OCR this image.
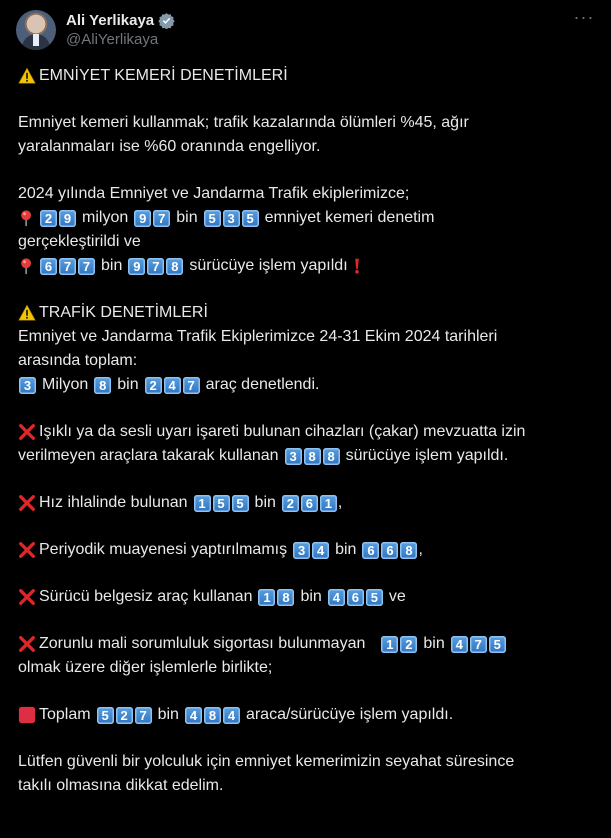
Ali Yerlikaya
@AliYerlikaya
···
EMNİYET KEMERİ DENETİMLERİ
Emniyet kemeri kullanmak; trafik kazalarında ölümleri %45, ağır
yaralanmaları ise %60 oranında engelliyor.
2024 yılında Emniyet ve Jandarma Trafik ekiplerimizce;
2 9 milyon 9 7 bin 5 3 5 emniyet kemeri denetim
gerçekleştirildi ve
6 7 7 bin 9 7 8 sürücüye işlem yapıldı
TRAFİK DENETİMLERİ
Emniyet ve Jandarma Trafik Ekiplerimizce 24-31 Ekim 2024 tarihleri
arasında toplam:
3 Milyon 8 bin 2 4 7 araç denetlendi.
Işıklı ya da sesli uyarı işareti bulunan cihazları (çakar) mevzuatta izin
verilmeyen araçlara takarak kullanan 3 8 8 sürücüye işlem yapıldı.
Hız ihlalinde bulunan 1 5 5 bin 2 6 1 ,
Periyodik muayenesi yaptırılmamış 3 4 bin 6 6 8 ,
Sürücü belgesiz araç kullanan 1 8 bin 4 6 5 ve
Zorunlu mali sorumluluk sigortası bulunmayan	1 2 bin 4 7 5
olmak üzere diğer işlemlerle birlikte;
Toplam 5 2 7 bin 4 8 4 araca/sürücüye işlem yapıldı.
Lütfen güvenli bir yolculuk için emniyet kemerimizin seyahat süresince
takılı olmasına dikkat edelim.
